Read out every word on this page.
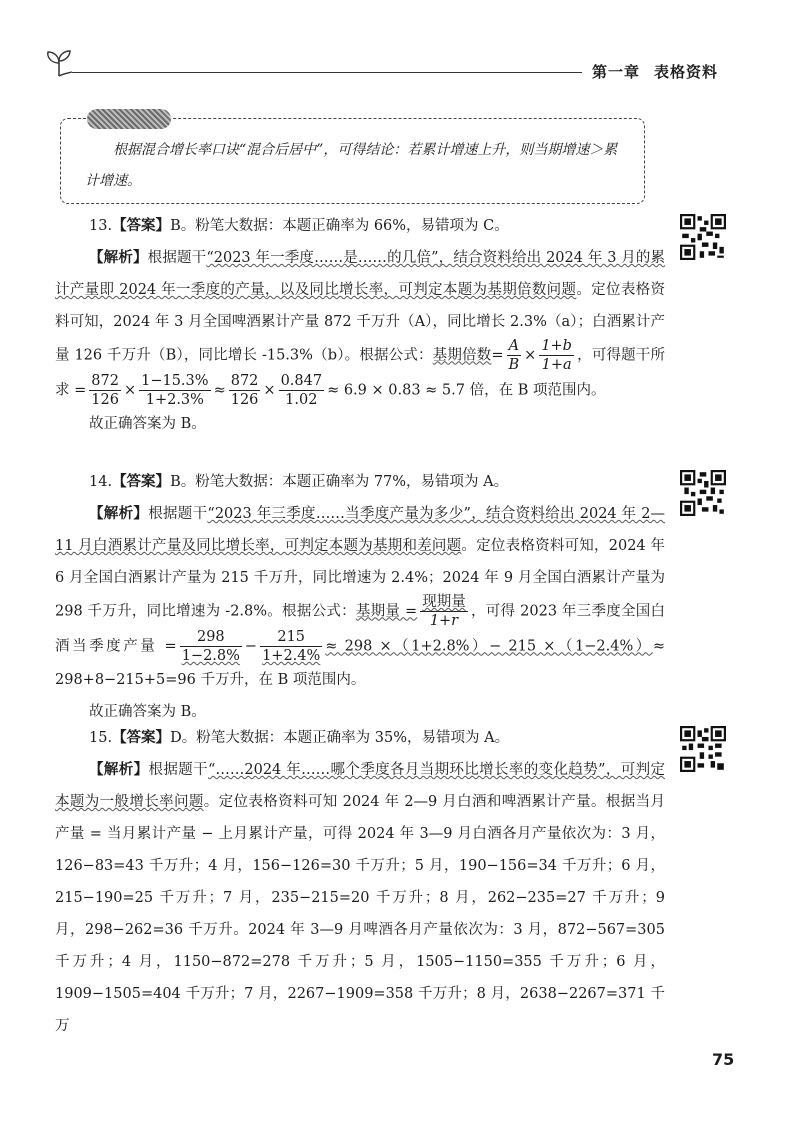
第一章 表格资料
根据混合增长率口诀“混合后居中”，可得结论：若累计增速上升，则当期增速＞累计增速。
13.【答案】B。粉笔大数据：本题正确率为 66%，易错项为 C。
【解析】根据题干“2023 年一季度……是……的几倍”，结合资料给出 2024 年 3 月的累计产量即 2024 年一季度的产量，以及同比增长率，可判定本题为基期倍数问题。定位表格资料可知，2024 年 3 月全国啤酒累计产量 872 千万升（A），同比增长 2.3%（a）；白酒累计产量 126 千万升（B），同比增长 -15.3%（b）。根据公式：基期倍数= $\frac{A}{B} \times \frac{1+b}{1+a}$ ，可得题干所求 = $\frac{872}{126} \times \frac{1-15.3\%}{1+2.3\%} \approx \frac{872}{126} \times \frac{0.847}{1.02} \approx 6.9 \times 0.83 \approx 5.7$ 倍，在 B 项范围内。
故正确答案为 B。
14.【答案】B。粉笔大数据：本题正确率为 77%，易错项为 A。
【解析】根据题干“2023 年三季度……当季度产量为多少”，结合资料给出 2024 年 2—11 月白酒累计产量及同比增长率，可判定本题为基期和差问题。定位表格资料可知，2024 年 6 月全国白酒累计产量为 215 千万升，同比增速为 2.4%；2024 年 9 月全国白酒累计产量为 298 千万升，同比增速为 -2.8%。根据公式：基期量 = $\frac{\text{现期量}}{1+r}$ ，可得 2023 年三季度全国白酒当季度产量 = $\frac{298}{1-2.8\%} - \frac{215}{1+2.4\%} \approx 298 \times(1+2.8\%)- 215 \times(1-2.4\%)\approx 298+8-215+5=96$ 千万升，在 B 项范围内。
故正确答案为 B。
15.【答案】D。粉笔大数据：本题正确率为 35%，易错项为 A。
【解析】根据题干“……2024 年……哪个季度各月当期环比增长率的变化趋势”，可判定本题为一般增长率问题。定位表格资料可知 2024 年 2—9 月白酒和啤酒累计产量。根据当月产量 = 当月累计产量 − 上月累计产量，可得 2024 年 3—9 月白酒各月产量依次为：3 月，126−83=43 千万升；4 月，156−126=30 千万升；5 月，190−156=34 千万升；6 月，215−190=25 千万升；7 月，235−215=20 千万升；8 月，262−235=27 千万升；9 月，298−262=36 千万升。2024 年 3—9 月啤酒各月产量依次为：3 月，872−567=305 千万升；4 月，1150−872=278 千万升；5 月，1505−1150=355 千万升；6 月，1909−1505=404 千万升；7 月，2267−1909=358 千万升；8 月，2638−2267=371 千万
75
